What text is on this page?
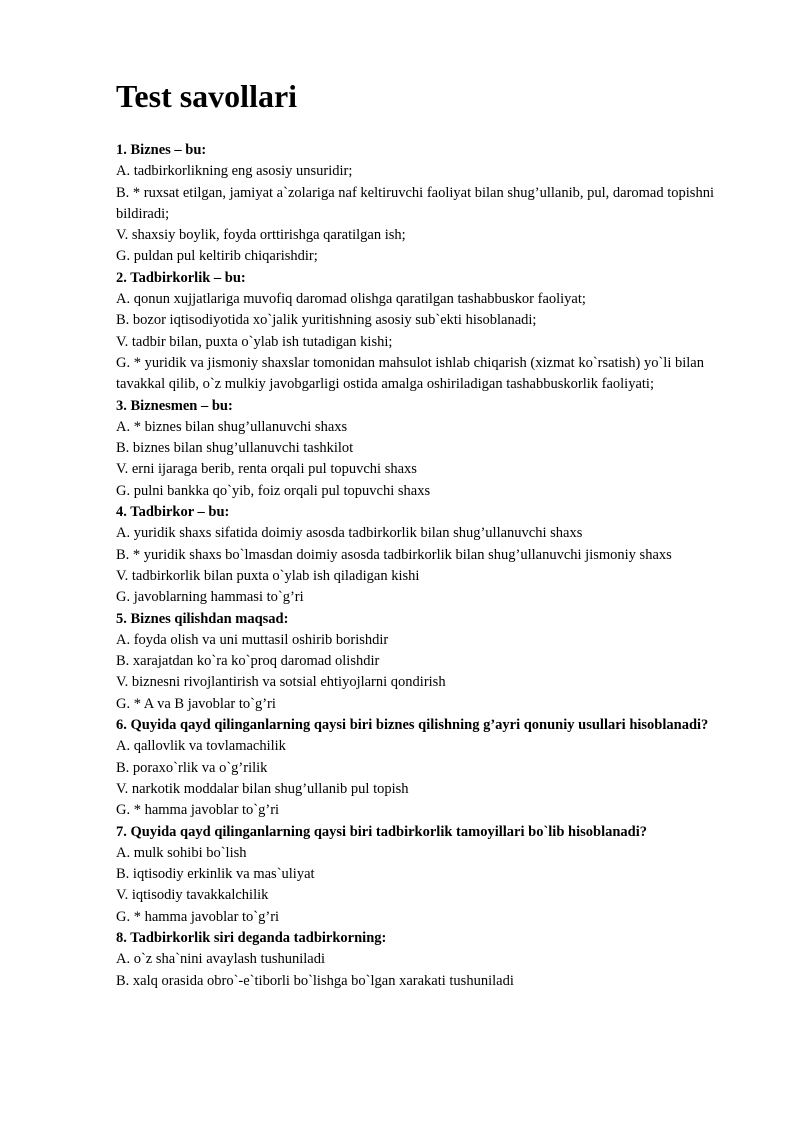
Test savollari
1. Biznes – bu:
A. tadbirkorlikning eng asosiy unsuridir;
B. * ruxsat etilgan, jamiyat a`zolariga naf keltiruvchi faoliyat bilan shug’ullanib, pul, daromad topishni bildiradi;
V. shaxsiy boylik, foyda orttirishga qaratilgan ish;
G. puldan pul keltirib chiqarishdir;
2. Tadbirkorlik – bu:
A. qonun xujjatlariga muvofiq daromad olishga qaratilgan tashabbuskor faoliyat;
B. bozor iqtisodiyotida xo`jalik yuritishning asosiy sub`ekti hisoblanadi;
V. tadbir bilan, puxta o`ylab ish tutadigan kishi;
G. * yuridik va jismoniy shaxslar tomonidan mahsulot ishlab chiqarish (xizmat ko`rsatish) yo`li bilan tavakkal qilib, o`z mulkiy javobgarligi ostida amalga oshiriladigan tashabbuskorlik faoliyati;
3. Biznesmen – bu:
A. * biznes bilan shug’ullanuvchi shaxs
B. biznes bilan shug’ullanuvchi tashkilot
V. erni ijaraga berib, renta orqali pul topuvchi shaxs
G. pulni bankka qo`yib, foiz orqali pul topuvchi shaxs
4. Tadbirkor – bu:
A. yuridik shaxs sifatida doimiy asosda tadbirkorlik bilan shug’ullanuvchi shaxs
B. * yuridik shaxs bo`lmasdan doimiy asosda tadbirkorlik bilan shug’ullanuvchi jismoniy shaxs
V. tadbirkorlik bilan puxta o`ylab ish qiladigan kishi
G. javoblarning hammasi to`g’ri
5. Biznes qilishdan maqsad:
A. foyda olish va uni muttasil oshirib borishdir
B. xarajatdan ko`ra ko`proq daromad olishdir
V. biznesni rivojlantirish va sotsial ehtiyojlarni qondirish
G. * A va B javoblar to`g’ri
6. Quyida qayd qilinganlarning qaysi biri biznes qilishning g’ayri qonuniy usullari hisoblanadi?
A. qallovlik va tovlamachilik
B. poraxo`rlik va o`g’rilik
V. narkotik moddalar bilan shug’ullanib pul topish
G. * hamma javoblar to`g’ri
7. Quyida qayd qilinganlarning qaysi biri tadbirkorlik tamoyillari bo`lib hisoblanadi?
A. mulk sohibi bo`lish
B. iqtisodiy erkinlik va mas`uliyat
V. iqtisodiy tavakkalchilik
G. * hamma javoblar to`g’ri
8. Tadbirkorlik siri deganda tadbirkorning:
A. o`z sha`nini avaylash tushuniladi
B. xalq orasida obro`-e`tiborli bo`lishga bo`lgan xarakati tushuniladi
